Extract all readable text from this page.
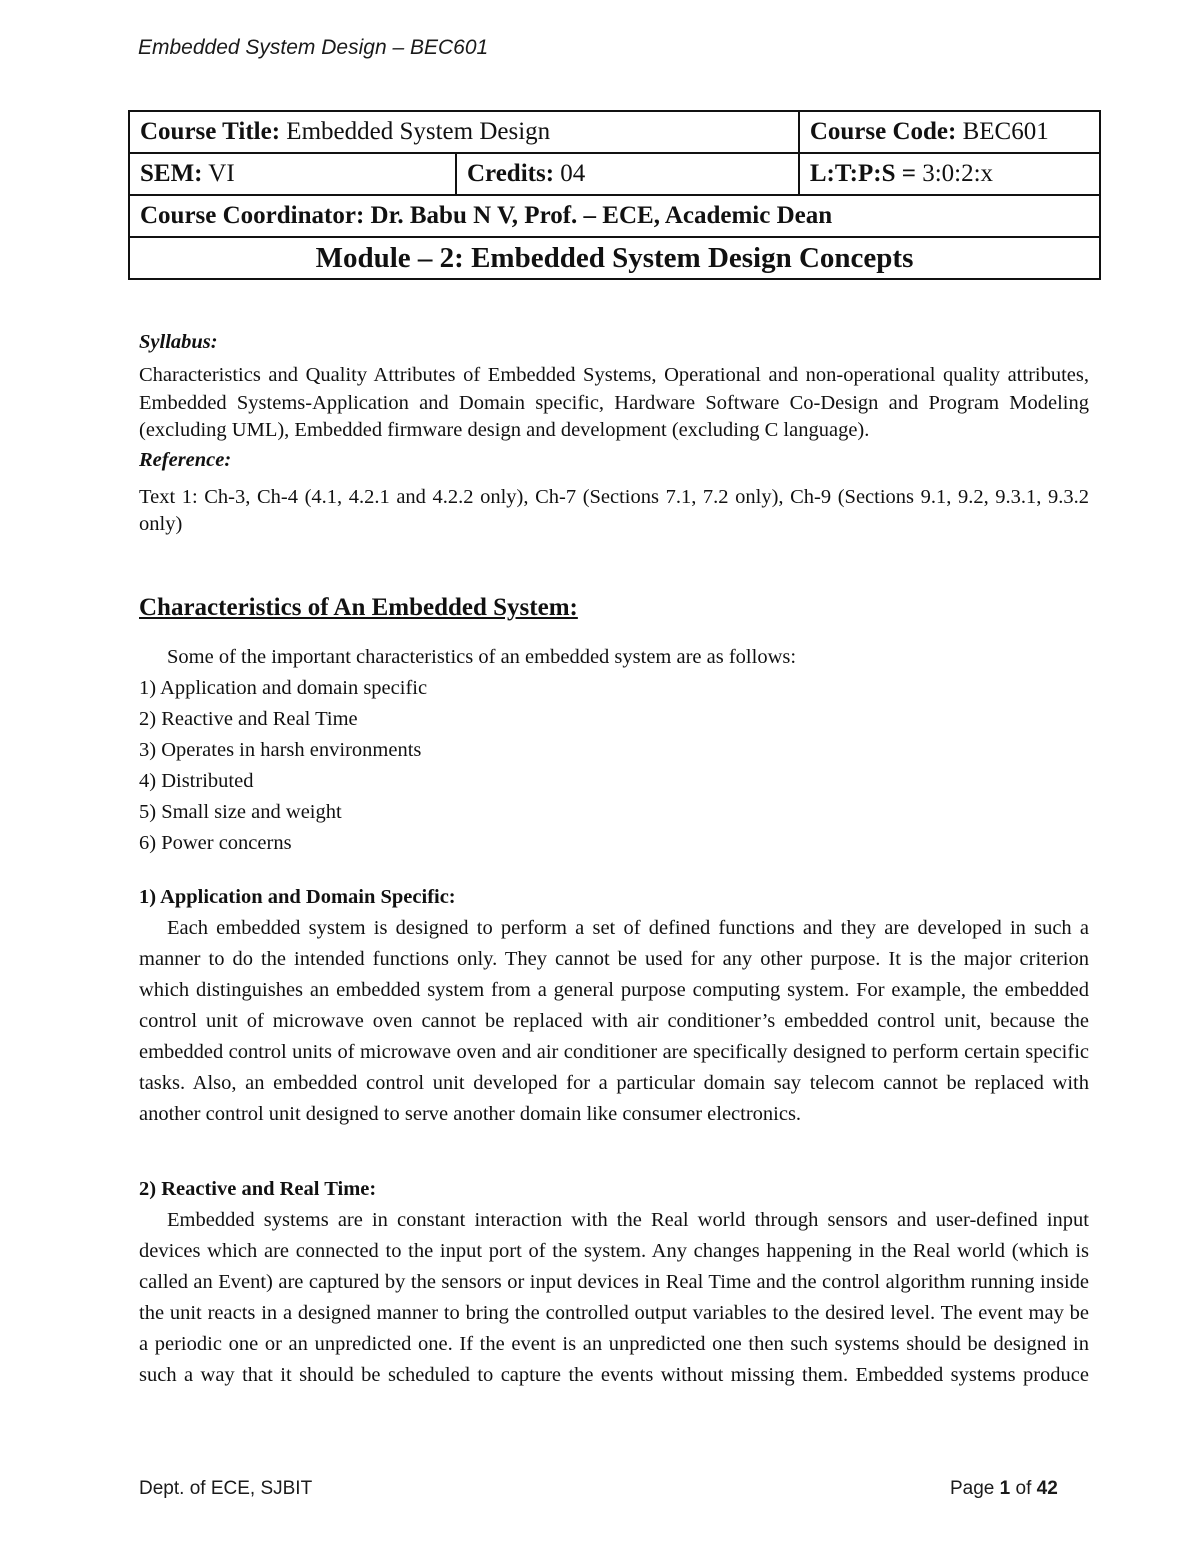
Embedded System Design – BEC601
Course Title: Embedded System Design		Course Code: BEC601
SEM: VI	Credits: 04	L:T:P:S = 3:0:2:x
Course Coordinator: Dr. Babu N V, Prof. – ECE, Academic Dean		
Module – 2: Embedded System Design Concepts		

Syllabus:

Characteristics and Quality Attributes of Embedded Systems, Operational and non-operational quality attributes, Embedded Systems-Application and Domain specific, Hardware Software Co-Design and Program Modeling (excluding UML), Embedded firmware design and development (excluding C language).

Reference:

Text 1: Ch-3, Ch-4 (4.1, 4.2.1 and 4.2.2 only), Ch-7 (Sections 7.1, 7.2 only), Ch-9 (Sections 9.1, 9.2, 9.3.1, 9.3.2 only)

Characteristics of An Embedded System:

Some of the important characteristics of an embedded system are as follows:

1) Application and domain specific

2) Reactive and Real Time

3) Operates in harsh environments

4) Distributed

5) Small size and weight

6) Power concerns

1) Application and Domain Specific:

Each embedded system is designed to perform a set of defined functions and they are developed in such a manner to do the intended functions only. They cannot be used for any other purpose. It is the major criterion which distinguishes an embedded system from a general purpose computing system. For example, the embedded control unit of microwave oven cannot be replaced with air conditioner’s embedded control unit, because the embedded control units of microwave oven and air conditioner are specifically designed to perform certain specific tasks. Also, an embedded control unit developed for a particular domain say telecom cannot be replaced with another control unit designed to serve another domain like consumer electronics.

2) Reactive and Real Time:

Embedded systems are in constant interaction with the Real world through sensors and user-defined input devices which are connected to the input port of the system. Any changes happening in the Real world (which is called an Event) are captured by the sensors or input devices in Real Time and the control algorithm running inside the unit reacts in a designed manner to bring the controlled output variables to the desired level. The event may be a periodic one or an unpredicted one. If the event is an unpredicted one then such systems should be designed in such a way that it should be scheduled to capture the events without missing them. Embedded systems produce

Dept. of ECE, SJBIT	Page 1 of 42
